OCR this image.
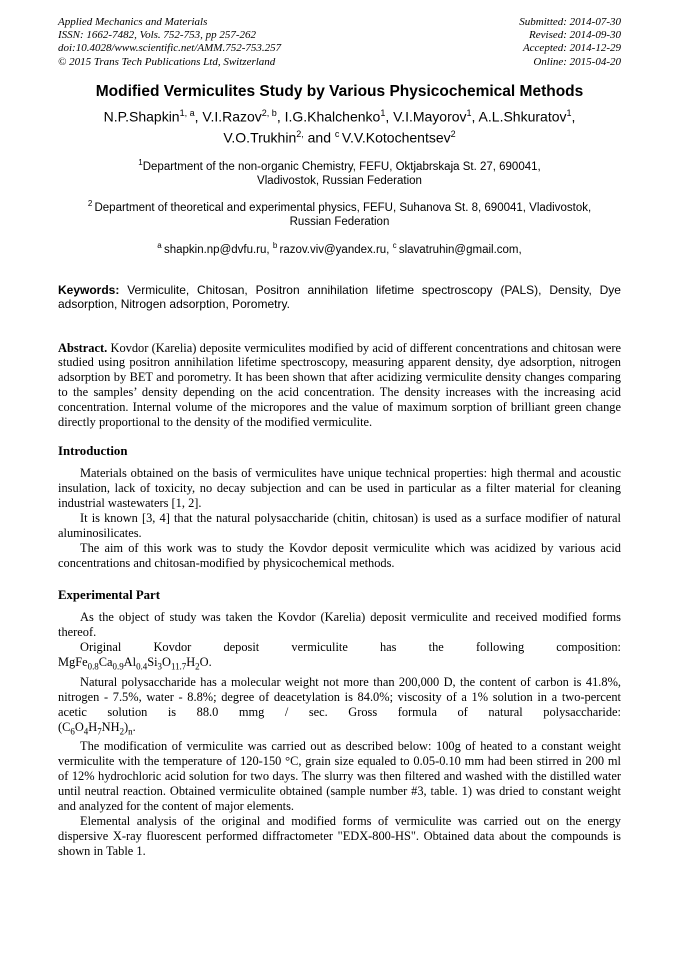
Applied Mechanics and Materials
ISSN: 1662-7482, Vols. 752-753, pp 257-262
doi:10.4028/www.scientific.net/AMM.752-753.257
© 2015 Trans Tech Publications Ltd, Switzerland
Submitted: 2014-07-30
Revised: 2014-09-30
Accepted: 2014-12-29
Online: 2015-04-20
Modified Vermiculites Study by Various Physicochemical Methods
N.P.Shapkin$^{1, a}$, V.I.Razov$^{2, b}$, I.G.Khalchenko$^1$, V.I.Mayorov$^1$, A.L.Shkuratov$^1$,
V.O.Trukhin$^{2,}$ and $^c$ V.V.Kotochentsev$^2$
$^1$Department of the non-organic Chemistry, FEFU, Oktjabrskaja St. 27, 690041,
Vladivostok, Russian Federation
$^2$ Department of theoretical and experimental physics, FEFU, Suhanova St. 8, 690041, Vladivostok,
Russian Federation
$^a$ shapkin.np@dvfu.ru, $^b$ razov.viv@yandex.ru, $^c$ slavatruhin@gmail.com,

Keywords: Vermiculite, Chitosan, Positron annihilation lifetime spectroscopy (PALS), Density, Dye adsorption, Nitrogen adsorption, Porometry.

Abstract. Kovdor (Karelia) deposite vermiculites modified by acid of different concentrations and chitosan were studied using positron annihilation lifetime spectroscopy, measuring apparent density, dye adsorption, nitrogen adsorption by BET and porometry. It has been shown that after acidizing vermiculite density changes comparing to the samples’ density depending on the acid concentration. The density increases with the increasing acid concentration. Internal volume of the micropores and the value of maximum sorption of brilliant green change directly proportional to the density of the modified vermiculite.

Introduction

Materials obtained on the basis of vermiculites have unique technical properties: high thermal and acoustic insulation, lack of toxicity, no decay subjection and can be used in particular as a filter material for cleaning industrial wastewaters [1, 2].

It is known [3, 4] that the natural polysaccharide (chitin, chitosan) is used as a surface modifier of natural aluminosilicates.

The aim of this work was to study the Kovdor deposit vermiculite which was acidized by various acid concentrations and chitosan-modified by physicochemical methods.

Experimental Part

As the object of study was taken the Kovdor (Karelia) deposit vermiculite and received modified forms thereof.

Original Kovdor deposit vermiculite has the following composition:
$MgFe_{0.8}Ca_{0.9}Al_{0.4}Si_3O_{11.7}H_2O$.

Natural polysaccharide has a molecular weight not more than 200,000 D, the content of carbon is 41.8%, nitrogen - 7.5%, water - 8.8%; degree of deacetylation is 84.0%; viscosity of a 1% solution in a two-percent acetic solution is 88.0 mmg / sec. Gross formula of natural polysaccharide:
$(C_6O_4H_7NH_2)_n$.

The modification of vermiculite was carried out as described below: 100g of heated to a constant weight vermiculite with the temperature of 120-150 °C, grain size equaled to 0.05-0.10 mm had been stirred in 200 ml of 12% hydrochloric acid solution for two days. The slurry was then filtered and washed with the distilled water until neutral reaction. Obtained vermiculite obtained (sample number #3, table. 1) was dried to constant weight and analyzed for the content of major elements.

Elemental analysis of the original and modified forms of vermiculite was carried out on the energy dispersive X-ray fluorescent performed diffractometer "EDX-800-HS". Obtained data about the compounds is shown in Table 1.
